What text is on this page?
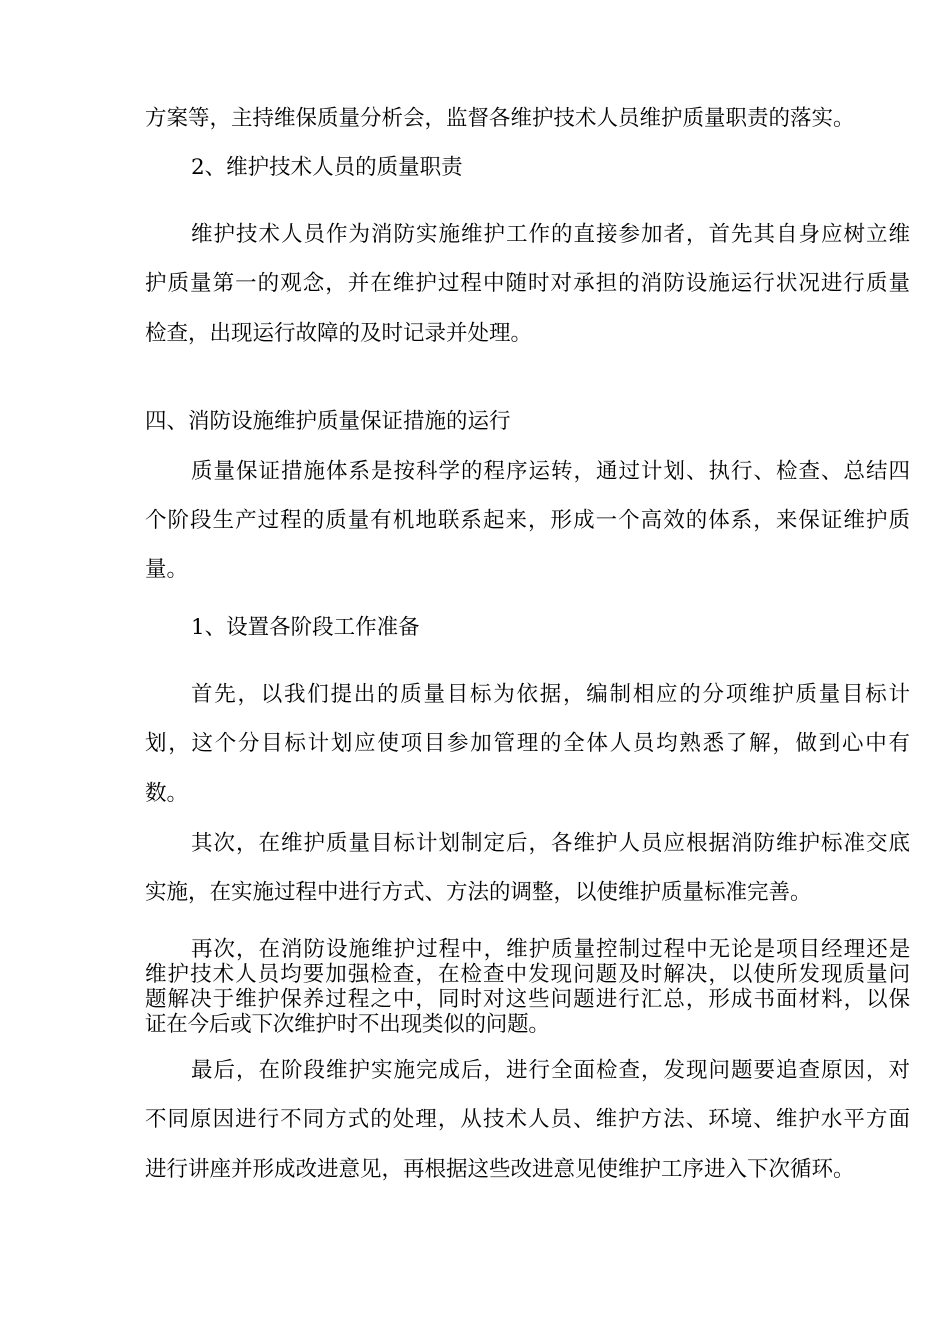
方案等，主持维保质量分析会，监督各维护技术人员维护质量职责的落实。
2、维护技术人员的质量职责
维护技术人员作为消防实施维护工作的直接参加者，首先其自身应树立维
护质量第一的观念，并在维护过程中随时对承担的消防设施运行状况进行质量
检查，出现运行故障的及时记录并处理。
四、消防设施维护质量保证措施的运行
质量保证措施体系是按科学的程序运转，通过计划、执行、检查、总结四
个阶段生产过程的质量有机地联系起来，形成一个高效的体系，来保证维护质
量。
1、设置各阶段工作准备
首先，以我们提出的质量目标为依据，编制相应的分项维护质量目标计
划，这个分目标计划应使项目参加管理的全体人员均熟悉了解，做到心中有
数。
其次，在维护质量目标计划制定后，各维护人员应根据消防维护标准交底
实施，在实施过程中进行方式、方法的调整，以使维护质量标准完善。
再次，在消防设施维护过程中，维护质量控制过程中无论是项目经理还是
维护技术人员均要加强检查，在检查中发现问题及时解决，以使所发现质量问
题解决于维护保养过程之中，同时对这些问题进行汇总，形成书面材料，以保
证在今后或下次维护时不出现类似的问题。
最后，在阶段维护实施完成后，进行全面检查，发现问题要追查原因，对
不同原因进行不同方式的处理，从技术人员、维护方法、环境、维护水平方面
进行讲座并形成改进意见，再根据这些改进意见使维护工序进入下次循环。
